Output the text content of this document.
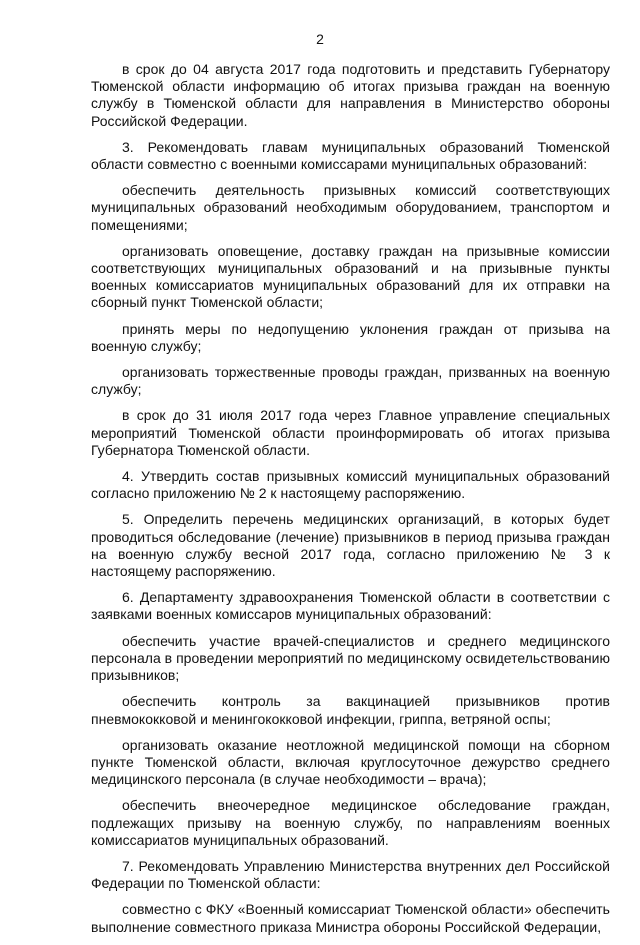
2

в срок до 04 августа 2017 года подготовить и представить Губернатору Тюменской области информацию об итогах призыва граждан на военную службу в Тюменской области для направления в Министерство обороны Российской Федерации.

3. Рекомендовать главам муниципальных образований Тюменской области совместно с военными комиссарами муниципальных образований:

обеспечить деятельность призывных комиссий соответствующих муниципальных образований необходимым оборудованием, транспортом и помещениями;

организовать оповещение, доставку граждан на призывные комиссии соответствующих муниципальных образований и на призывные пункты военных комиссариатов муниципальных образований для их отправки на сборный пункт Тюменской области;

принять меры по недопущению уклонения граждан от призыва на военную службу;

организовать торжественные проводы граждан, призванных на военную службу;

в срок до 31 июля 2017 года через Главное управление специальных мероприятий Тюменской области проинформировать об итогах призыва Губернатора Тюменской области.

4. Утвердить состав призывных комиссий муниципальных образований согласно приложению № 2 к настоящему распоряжению.

5. Определить перечень медицинских организаций, в которых будет проводиться обследование (лечение) призывников в период призыва граждан на военную службу весной 2017 года, согласно приложению № 3 к настоящему распоряжению.

6. Департаменту здравоохранения Тюменской области в соответствии с заявками военных комиссаров муниципальных образований:

обеспечить участие врачей-специалистов и среднего медицинского персонала в проведении мероприятий по медицинскому освидетельствованию призывников;

обеспечить контроль за вакцинацией призывников против пневмококковой и менингококковой инфекции, гриппа, ветряной оспы;

организовать оказание неотложной медицинской помощи на сборном пункте Тюменской области, включая круглосуточное дежурство среднего медицинского персонала (в случае необходимости – врача);

обеспечить внеочередное медицинское обследование граждан, подлежащих призыву на военную службу, по направлениям военных комиссариатов муниципальных образований.

7. Рекомендовать Управлению Министерства внутренних дел Российской Федерации по Тюменской области:

совместно с ФКУ «Военный комиссариат Тюменской области» обеспечить выполнение совместного приказа Министра обороны Российской Федерации,
